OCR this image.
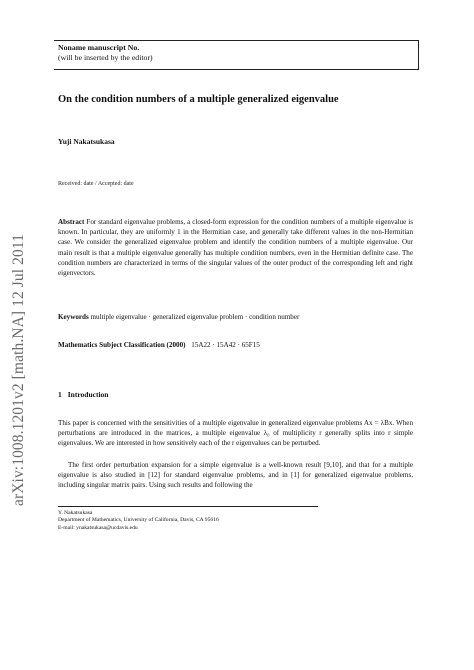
arXiv:1008.1201v2 [math.NA] 12 Jul 2011
Noname manuscript No.
(will be inserted by the editor)
On the condition numbers of a multiple generalized eigenvalue
Yuji Nakatsukasa
Received: date / Accepted: date
Abstract For standard eigenvalue problems, a closed-form expression for the condition numbers of a multiple eigenvalue is known. In particular, they are uniformly 1 in the Hermitian case, and generally take different values in the non-Hermitian case. We consider the generalized eigenvalue problem and identify the condition numbers of a multiple eigenvalue. Our main result is that a multiple eigenvalue generally has multiple condition numbers, even in the Hermitian definite case. The condition numbers are characterized in terms of the singular values of the outer product of the corresponding left and right eigenvectors.
Keywords multiple eigenvalue · generalized eigenvalue problem · condition number
Mathematics Subject Classification (2000) 15A22 · 15A42 · 65F15
1 Introduction
This paper is concerned with the sensitivities of a multiple eigenvalue in generalized eigenvalue problems Ax = λBx. When perturbations are introduced in the matrices, a multiple eigenvalue λ₀ of multiplicity r generally splits into r simple eigenvalues. We are interested in how sensitively each of the r eigenvalues can be perturbed.
The first order perturbation expansion for a simple eigenvalue is a well-known result [9,10], and that for a multiple eigenvalue is also studied in [12] for standard eigenvalue problems, and in [1] for generalized eigenvalue problems, including singular matrix pairs. Using such results and following the
Y. Nakatsukasa
Department of Mathematics, University of California, Davis, CA 95616
E-mail: ynakatsukasa@ucdavis.edu
